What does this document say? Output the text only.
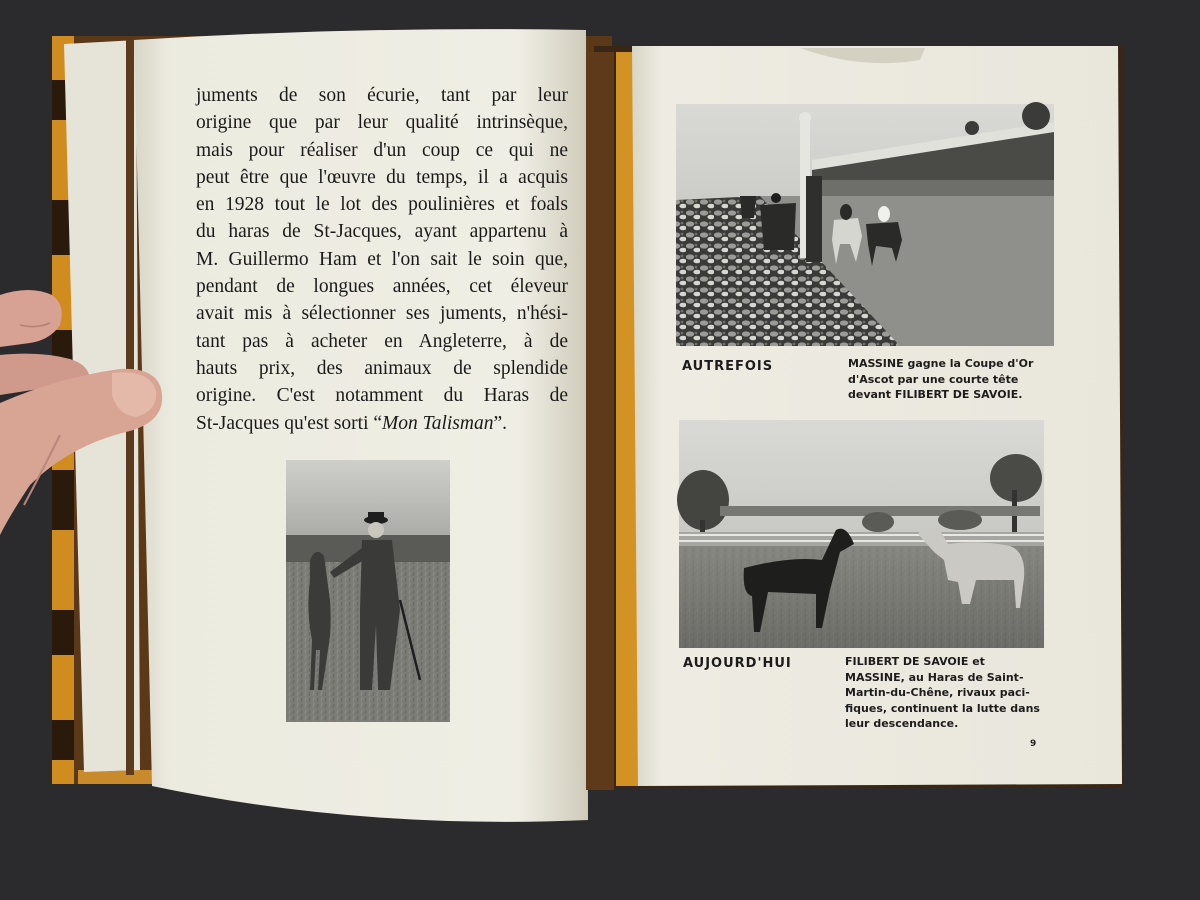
juments de son écurie, tant par leur
origine que par leur qualité intrinsèque,
mais pour réaliser d'un coup ce qui ne
peut être que l'œuvre du temps, il a acquis
en 1928 tout le lot des poulinières et foals
du haras de St-Jacques, ayant appartenu à
M. Guillermo Ham et l'on sait le soin que,
pendant de longues années, cet éleveur
avait mis à sélectionner ses juments, n'hési-
tant pas à acheter en Angleterre, à de
hauts prix, des animaux de splendide
origine. C'est notamment du Haras de
St-Jacques qu'est sorti “Mon Talisman”.
AUTREFOIS	MASSINE gagne la Coupe d'Or
d'Ascot par une courte tête
devant FILIBERT DE SAVOIE.
AUJOURD'HUI	FILIBERT DE SAVOIE et
MASSINE, au Haras de Saint-
Martin-du-Chêne, rivaux paci-
fiques, continuent la lutte dans
leur descendance.
9
